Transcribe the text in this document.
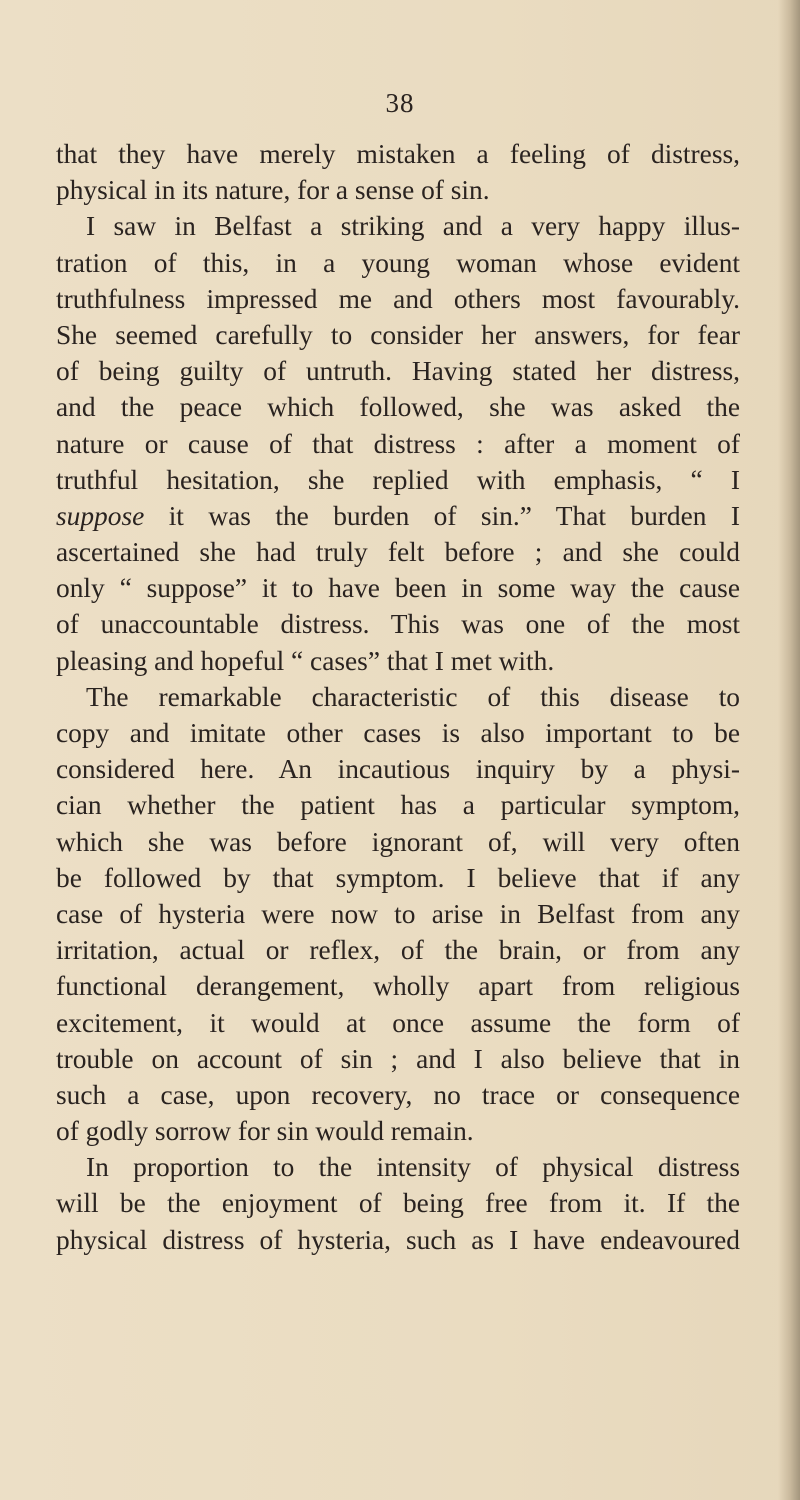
38
that they have merely mistaken a feeling of distress,
physical in its nature, for a sense of sin.
I saw in Belfast a striking and a very happy illus-
tration of this, in a young woman whose evident
truthfulness impressed me and others most favourably.
She seemed carefully to consider her answers, for fear
of being guilty of untruth. Having stated her distress,
and the peace which followed, she was asked the
nature or cause of that distress : after a moment of
truthful hesitation, she replied with emphasis, “ I
suppose it was the burden of sin.” That burden I
ascertained she had truly felt before ; and she could
only “ suppose” it to have been in some way the cause
of unaccountable distress. This was one of the most
pleasing and hopeful “ cases” that I met with.
The remarkable characteristic of this disease to
copy and imitate other cases is also important to be
considered here. An incautious inquiry by a physi-
cian whether the patient has a particular symptom,
which she was before ignorant of, will very often
be followed by that symptom. I believe that if any
case of hysteria were now to arise in Belfast from any
irritation, actual or reflex, of the brain, or from any
functional derangement, wholly apart from religious
excitement, it would at once assume the form of
trouble on account of sin ; and I also believe that in
such a case, upon recovery, no trace or consequence
of godly sorrow for sin would remain.
In proportion to the intensity of physical distress
will be the enjoyment of being free from it. If the
physical distress of hysteria, such as I have endeavoured
